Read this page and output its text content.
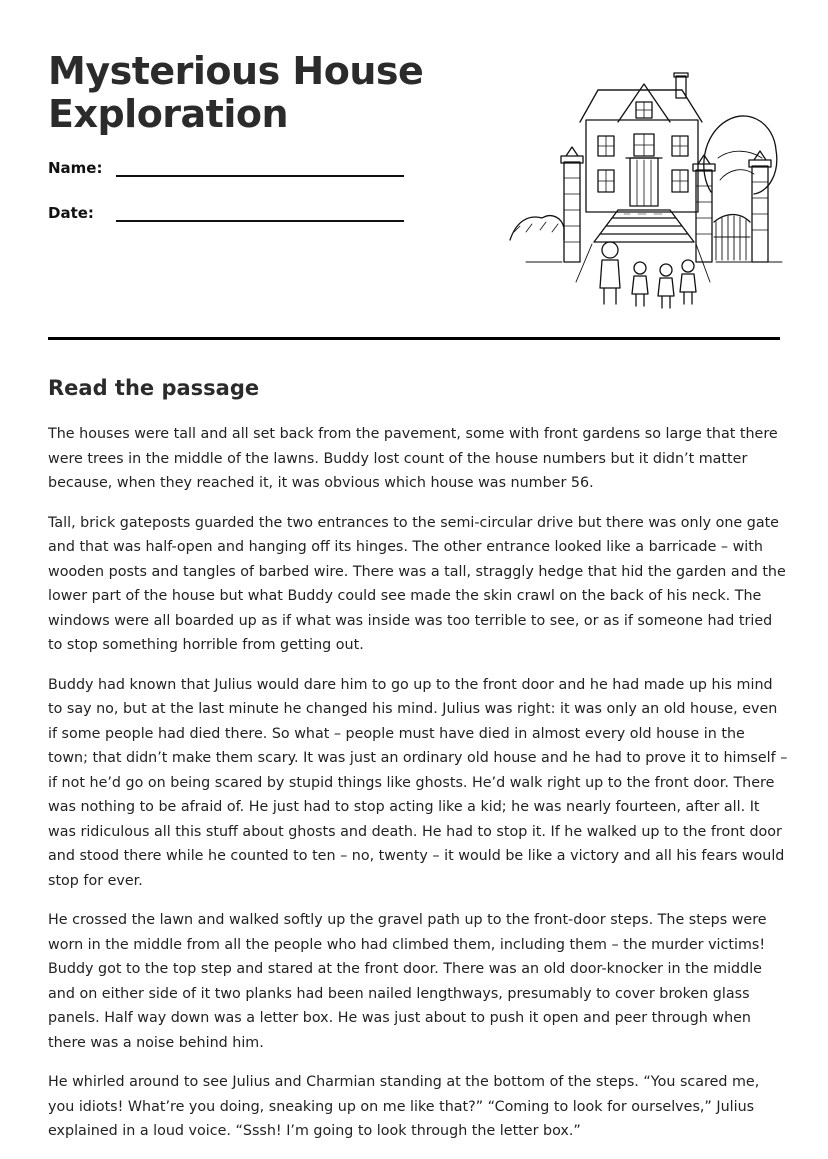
Mysterious House
Exploration
Name:
Date:
Read the passage

The houses were tall and all set back from the pavement, some with front gardens so large that there were trees in the middle of the lawns. Buddy lost count of the house numbers but it didn’t matter because, when they reached it, it was obvious which house was number 56.

Tall, brick gateposts guarded the two entrances to the semi-circular drive but there was only one gate and that was half-open and hanging off its hinges. The other entrance looked like a barricade – with wooden posts and tangles of barbed wire. There was a tall, straggly hedge that hid the garden and the lower part of the house but what Buddy could see made the skin crawl on the back of his neck. The windows were all boarded up as if what was inside was too terrible to see, or as if someone had tried to stop something horrible from getting out.

Buddy had known that Julius would dare him to go up to the front door and he had made up his mind to say no, but at the last minute he changed his mind. Julius was right: it was only an old house, even if some people had died there. So what – people must have died in almost every old house in the town; that didn’t make them scary. It was just an ordinary old house and he had to prove it to himself – if not he’d go on being scared by stupid things like ghosts. He’d walk right up to the front door. There was nothing to be afraid of. He just had to stop acting like a kid; he was nearly fourteen, after all. It was ridiculous all this stuff about ghosts and death. He had to stop it. If he walked up to the front door and stood there while he counted to ten – no, twenty – it would be like a victory and all his fears would stop for ever.

He crossed the lawn and walked softly up the gravel path up to the front-door steps. The steps were worn in the middle from all the people who had climbed them, including them – the murder victims! Buddy got to the top step and stared at the front door. There was an old door-knocker in the middle and on either side of it two planks had been nailed lengthways, presumably to cover broken glass panels. Half way down was a letter box. He was just about to push it open and peer through when there was a noise behind him.

He whirled around to see Julius and Charmian standing at the bottom of the steps. “You scared me, you idiots! What’re you doing, sneaking up on me like that?” “Coming to look for ourselves,” Julius explained in a loud voice. “Sssh! I’m going to look through the letter box.”
